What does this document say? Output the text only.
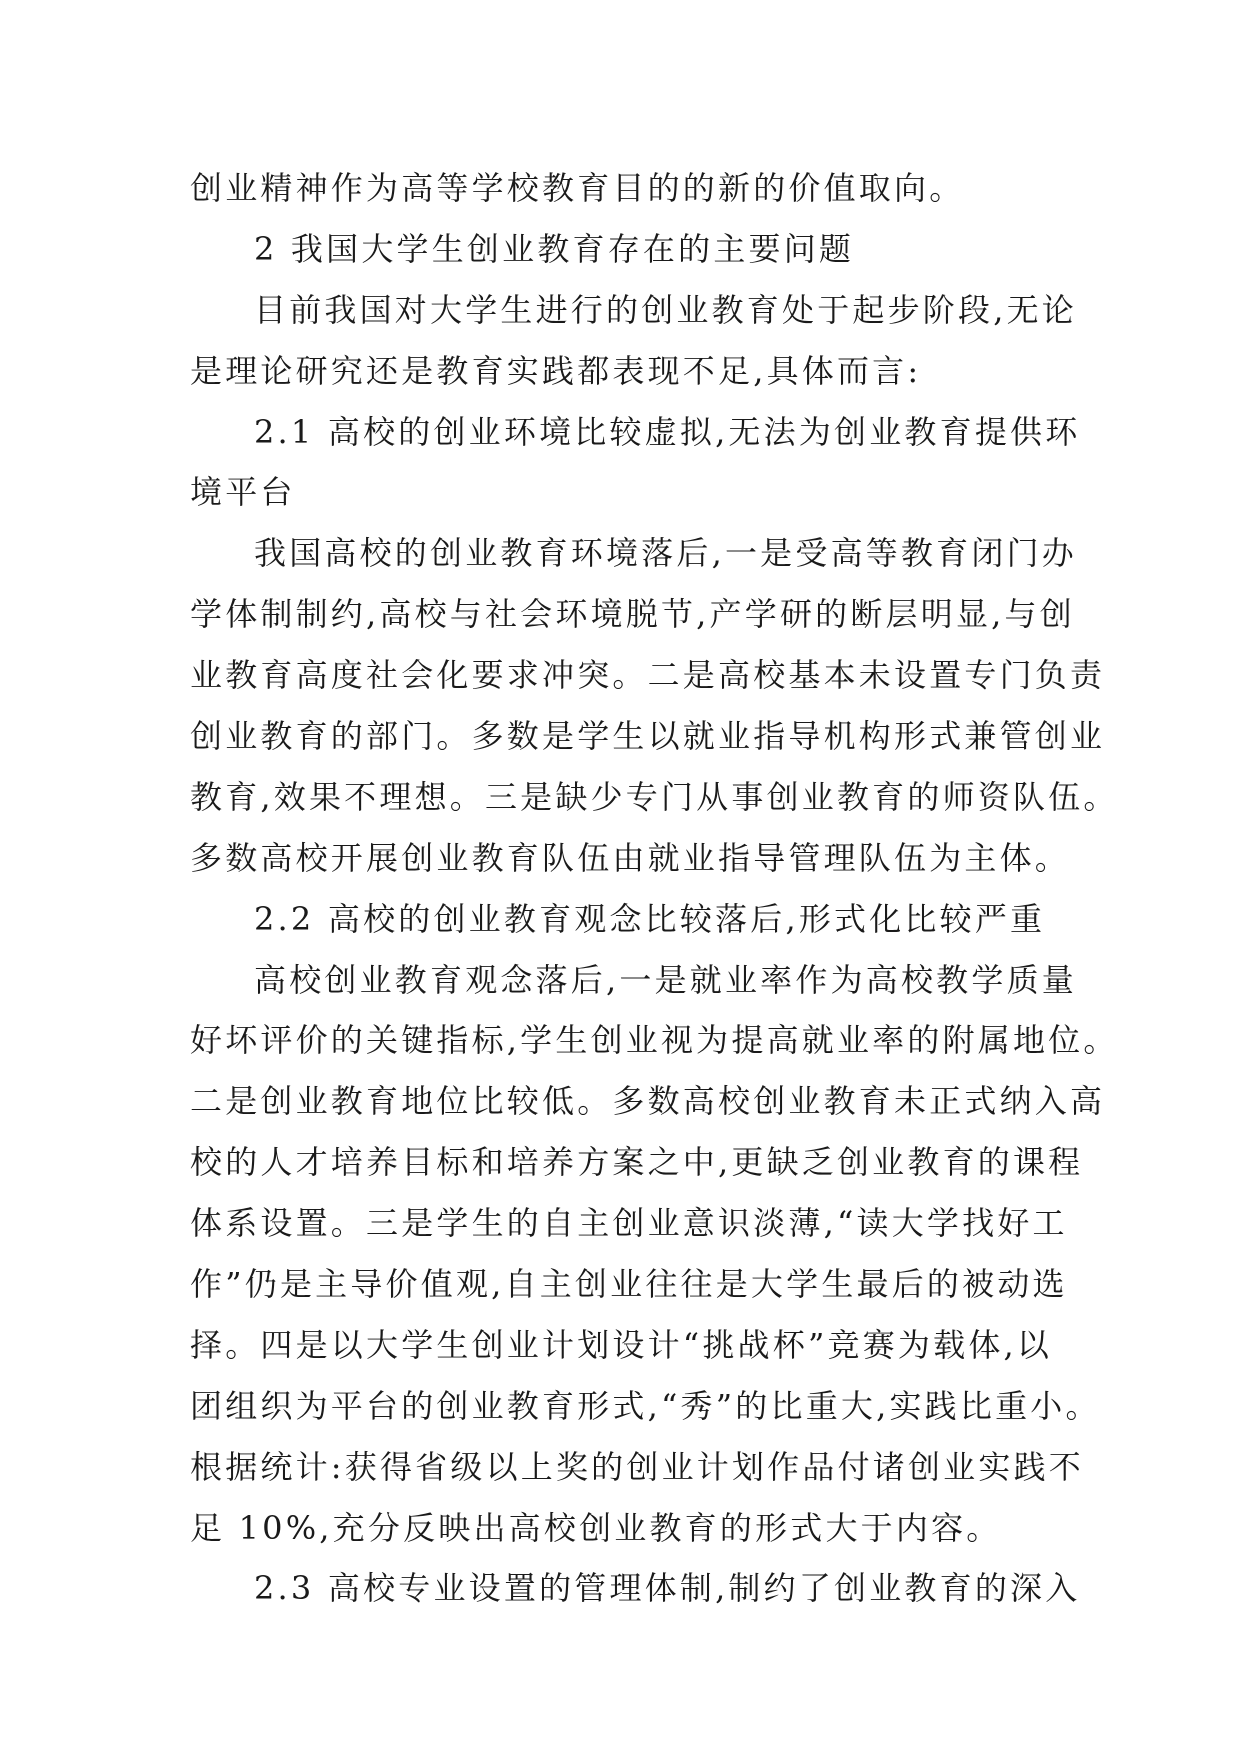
创业精神作为高等学校教育目的的新的价值取向。
2 我国大学生创业教育存在的主要问题
目前我国对大学生进行的创业教育处于起步阶段,无论
是理论研究还是教育实践都表现不足,具体而言:
2.1 高校的创业环境比较虚拟,无法为创业教育提供环
境平台
我国高校的创业教育环境落后,一是受高等教育闭门办
学体制制约,高校与社会环境脱节,产学研的断层明显,与创
业教育高度社会化要求冲突。二是高校基本未设置专门负责
创业教育的部门。多数是学生以就业指导机构形式兼管创业
教育,效果不理想。三是缺少专门从事创业教育的师资队伍。
多数高校开展创业教育队伍由就业指导管理队伍为主体。
2.2 高校的创业教育观念比较落后,形式化比较严重
高校创业教育观念落后,一是就业率作为高校教学质量
好坏评价的关键指标,学生创业视为提高就业率的附属地位。
二是创业教育地位比较低。多数高校创业教育未正式纳入高
校的人才培养目标和培养方案之中,更缺乏创业教育的课程
体系设置。三是学生的自主创业意识淡薄,“读大学找好工
作”仍是主导价值观,自主创业往往是大学生最后的被动选
择。四是以大学生创业计划设计“挑战杯”竞赛为载体,以
团组织为平台的创业教育形式,“秀”的比重大,实践比重小。
根据统计:获得省级以上奖的创业计划作品付诸创业实践不
足 10%,充分反映出高校创业教育的形式大于内容。
2.3 高校专业设置的管理体制,制约了创业教育的深入
